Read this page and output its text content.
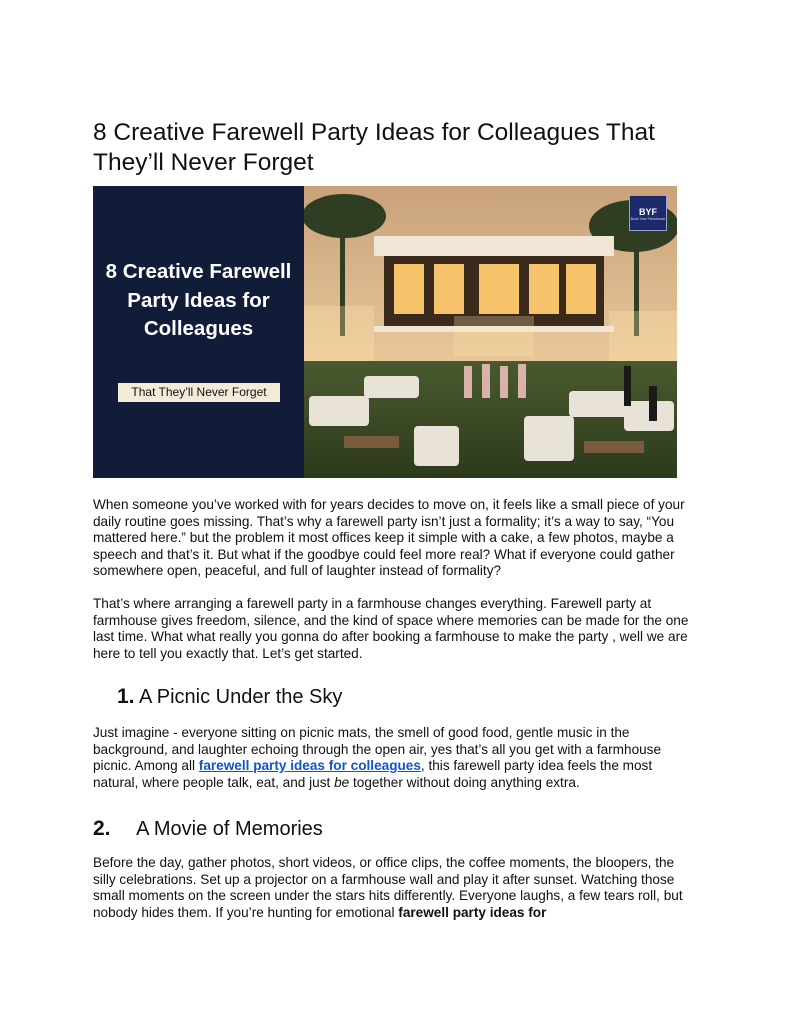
8 Creative Farewell Party Ideas for Colleagues That They’ll Never Forget
8 Creative Farewell Party Ideas for Colleagues
That They’ll Never Forget
BYF
Book Your Farmhouse

When someone you’ve worked with for years decides to move on, it feels like a small piece of your daily routine goes missing. That’s why a farewell party isn’t just a formality; it’s a way to say, “You mattered here.” but the problem it most offices keep it simple with a cake, a few photos, maybe a speech and that’s it. But what if the goodbye could feel more real? What if everyone could gather somewhere open, peaceful, and full of laughter instead of formality?

That’s where arranging a farewell party in a farmhouse changes everything. Farewell party at farmhouse gives freedom, silence, and the kind of space where memories can be made for the one last time. What what really you gonna do after booking a farmhouse to make the party , well we are here to tell you exactly that. Let’s get started.

1. A Picnic Under the Sky

Just imagine - everyone sitting on picnic mats, the smell of good food, gentle music in the background, and laughter echoing through the open air, yes that’s all you get with a farmhouse picnic. Among all farewell party ideas for colleagues, this farewell party idea feels the most natural, where people talk, eat, and just be together without doing anything extra.

2. A Movie of Memories

Before the day, gather photos, short videos, or office clips, the coffee moments, the bloopers, the silly celebrations. Set up a projector on a farmhouse wall and play it after sunset. Watching those small moments on the screen under the stars hits differently. Everyone laughs, a few tears roll, but nobody hides them. If you’re hunting for emotional farewell party ideas for
